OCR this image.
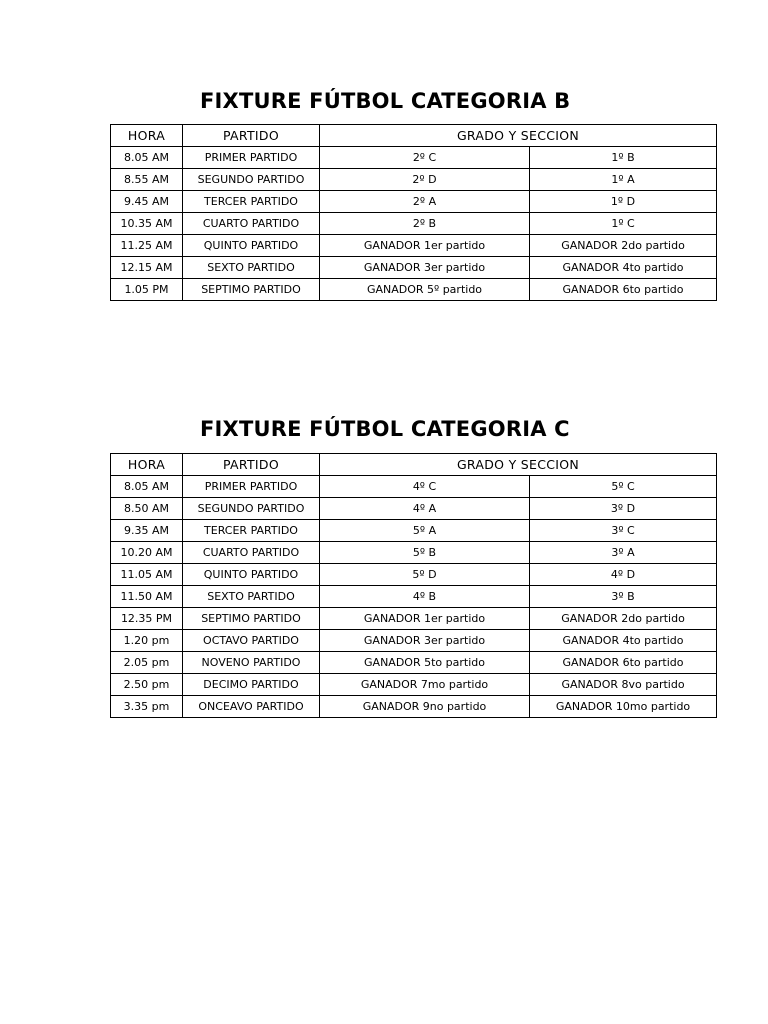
FIXTURE FÚTBOL CATEGORIA B
HORA	PARTIDO	GRADO Y SECCION	
8.05 AM	PRIMER PARTIDO	2º C	1º B
8.55 AM	SEGUNDO PARTIDO	2º D	1º A
9.45 AM	TERCER PARTIDO	2º A	1º D
10.35 AM	CUARTO PARTIDO	2º B	1º C
11.25 AM	QUINTO PARTIDO	GANADOR 1er partido	GANADOR 2do partido
12.15 AM	SEXTO PARTIDO	GANADOR 3er partido	GANADOR 4to partido
1.05 PM	SEPTIMO PARTIDO	GANADOR 5º partido	GANADOR 6to partido
FIXTURE FÚTBOL CATEGORIA C
HORA	PARTIDO	GRADO Y SECCION	
8.05 AM	PRIMER PARTIDO	4º C	5º C
8.50 AM	SEGUNDO PARTIDO	4º A	3º D
9.35 AM	TERCER PARTIDO	5º A	3º C
10.20 AM	CUARTO PARTIDO	5º B	3º A
11.05 AM	QUINTO PARTIDO	5º D	4º D
11.50 AM	SEXTO PARTIDO	4º B	3º B
12.35 PM	SEPTIMO PARTIDO	GANADOR 1er partido	GANADOR 2do partido
1.20 pm	OCTAVO PARTIDO	GANADOR 3er partido	GANADOR 4to partido
2.05 pm	NOVENO PARTIDO	GANADOR 5to partido	GANADOR 6to partido
2.50 pm	DECIMO PARTIDO	GANADOR 7mo partido	GANADOR 8vo partido
3.35 pm	ONCEAVO PARTIDO	GANADOR 9no partido	GANADOR 10mo partido
